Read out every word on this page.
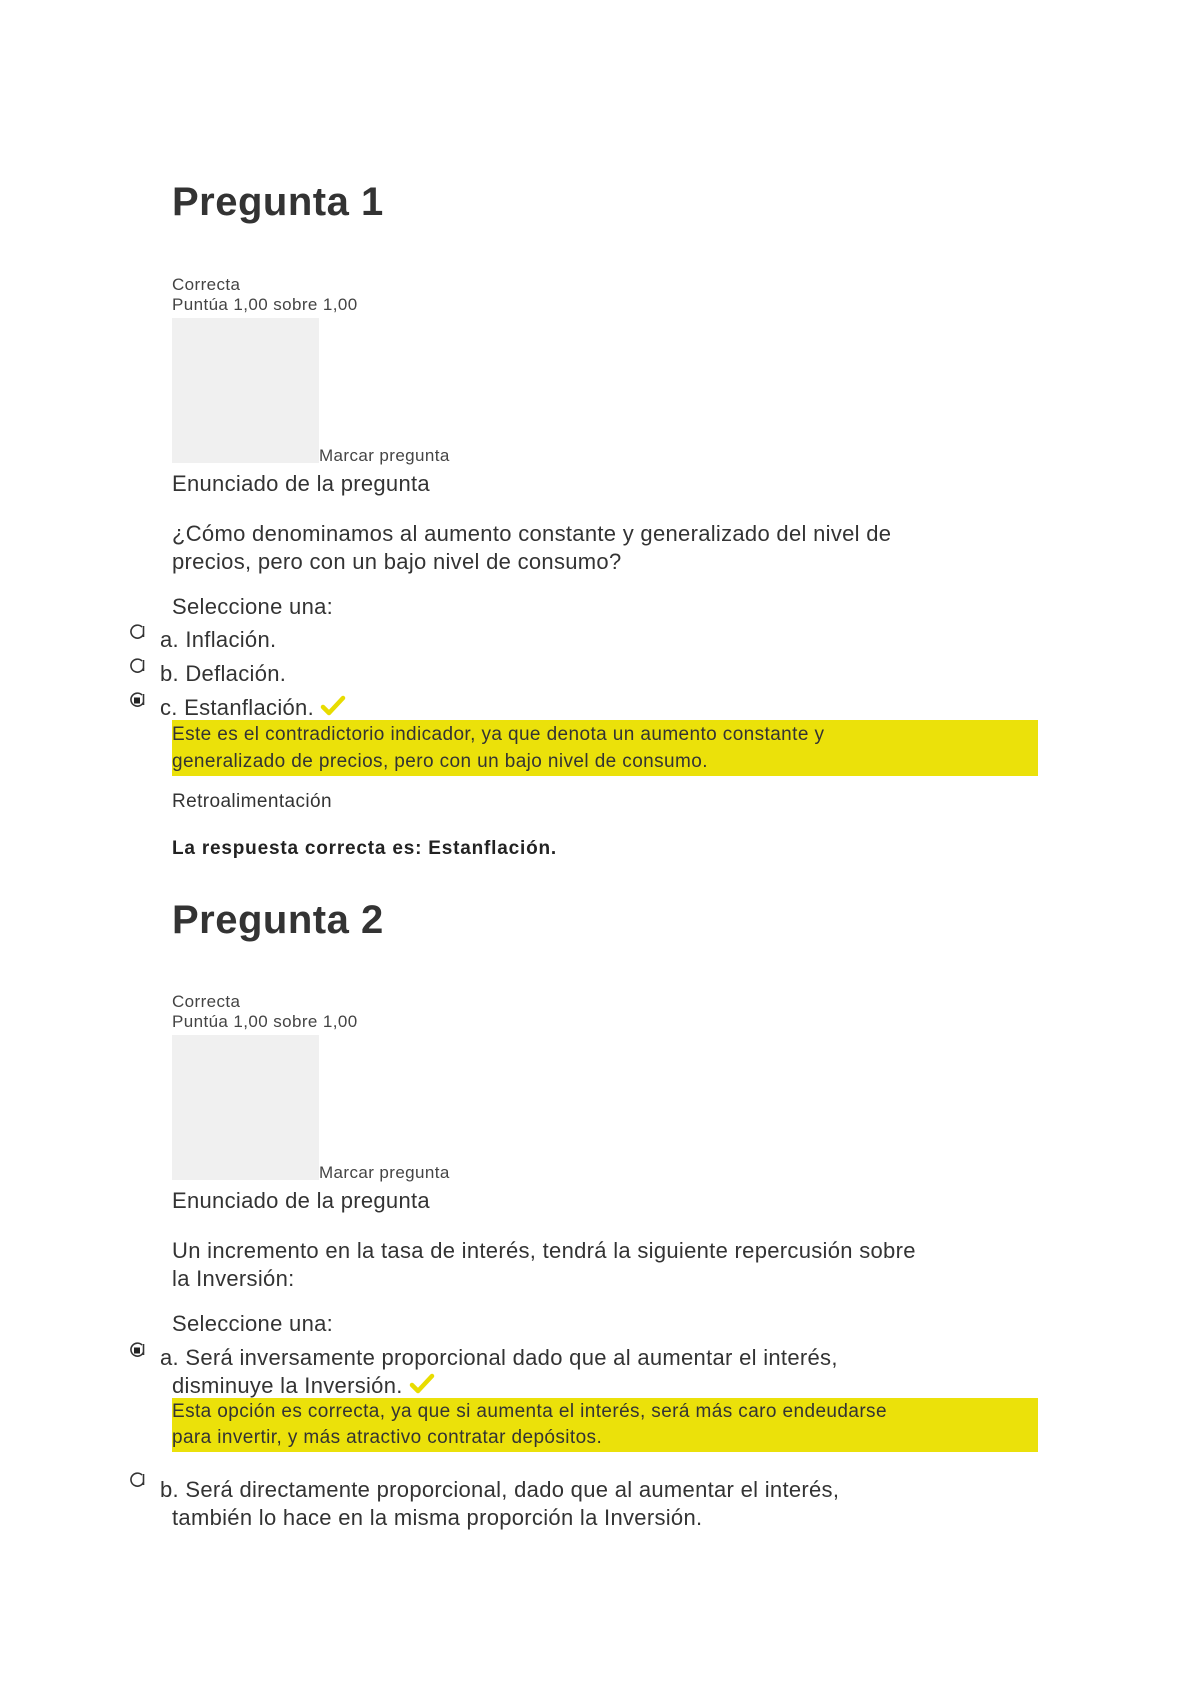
Pregunta 1
Correcta
Puntúa 1,00 sobre 1,00
Marcar pregunta
Enunciado de la pregunta
¿Cómo denominamos al aumento constante y generalizado del nivel de
precios, pero con un bajo nivel de consumo?
Seleccione una:
a. Inflación.
b. Deflación.
c. Estanflación.
Este es el contradictorio indicador, ya que denota un aumento constante y
generalizado de precios, pero con un bajo nivel de consumo.
Retroalimentación
La respuesta correcta es: Estanflación.
Pregunta 2
Correcta
Puntúa 1,00 sobre 1,00
Marcar pregunta
Enunciado de la pregunta
Un incremento en la tasa de interés, tendrá la siguiente repercusión sobre
la Inversión:
Seleccione una:
a. Será inversamente proporcional dado que al aumentar el interés,
disminuye la Inversión.
Esta opción es correcta, ya que si aumenta el interés, será más caro endeudarse
para invertir, y más atractivo contratar depósitos.
b. Será directamente proporcional, dado que al aumentar el interés,
también lo hace en la misma proporción la Inversión.
